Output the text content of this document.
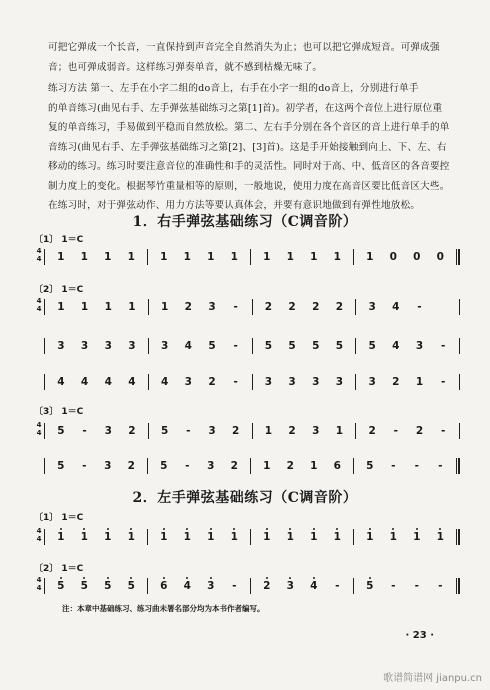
可把它弹成一个长音，一直保持到声音完全自然消失为止；也可以把它弹成短音。可弹成强
音；也可弹成弱音。这样练习弹奏单音，就不感到枯燥无味了。
练习方法 第一、左手在小字二组的do音上，右手在小字一组的do音上，分别进行单手
的单音练习(曲见右手、左手弹弦基础练习之第[1]首)。初学者，在这两个音位上进行原位重
复的单音练习，手易做到平稳而自然放松。第二、左右手分别在各个音区的音上进行单手的单
音练习(曲见右手、左手弹弦基础练习之第[2]、[3]首)。这是手开始接触到向上、下、左、右
移动的练习。练习时要注意音位的准确性和手的灵活性。同时对于高、中、低音区的各音要控
制力度上的变化。根据琴竹重量相等的原则，一般地说，使用力度在高音区要比低音区大些。
在练习时，对于弹弦动作、用力方法等要认真体会，并要有意识地做到有弹性地放松。
1．右手弹弦基础练习（C调音阶）
〔1〕 1＝C
4
4 1 1 1 1 1 1 1 1 1 1 1 1 1 0 0 0
〔2〕 1＝C
4
4 1 1 1 1 1 2 3 -	2 2 2 2 3 4 -
3 3 3 3 3 4 5 -	5 5 5 5 5 4 3 -
4 4 4 4 4 3 2 -	3 3 3 3 3 2 1 -
〔3〕 1＝C
4
4 5 - 3 2 5 - 3 2 1 2 3 1 2 - 2 -
5 - 3 2 5 - 3 2 1 2 1 6 5 - - -
2．左手弹弦基础练习（C调音阶）
〔1〕 1＝C
4
4 1 1 1 1 1 1 1 1 1 1 1 1 1 1 1 1
〔2〕 1＝C
4
4 5 5 5 5 6 4 3 -	2 3 4 -	5 - - -
注：本章中基础练习、练习曲未署名部分均为本书作者编写。
· 23 ·
歌谱简谱网 jianpu.cn
